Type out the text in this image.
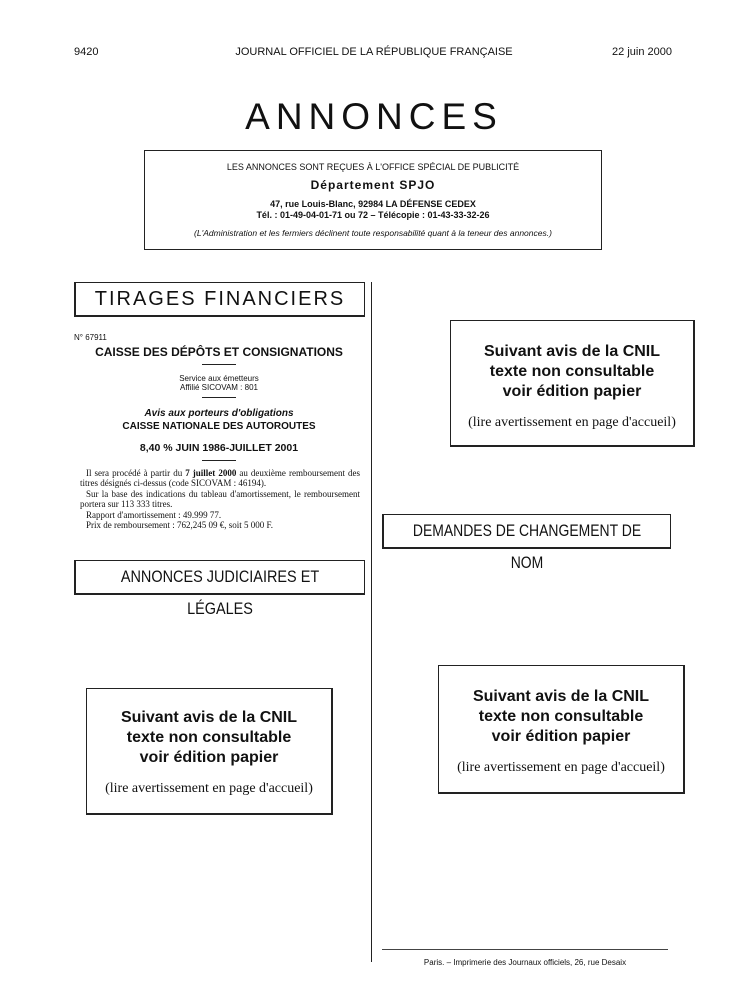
9420	JOURNAL OFFICIEL DE LA RÉPUBLIQUE FRANÇAISE	22 juin 2000
ANNONCES
LES ANNONCES SONT REÇUES À L'OFFICE SPÉCIAL DE PUBLICITÉ
Département SPJO
47, rue Louis-Blanc, 92984 LA DÉFENSE CEDEX
Tél. : 01-49-04-01-71 ou 72 – Télécopie : 01-43-33-32-26
(L'Administration et les fermiers déclinent toute responsabilité quant à la teneur des annonces.)
TIRAGES FINANCIERS
N° 67911
CAISSE DES DÉPÔTS ET CONSIGNATIONS
Service aux émetteurs
Affilié SICOVAM : 801
Avis aux porteurs d'obligations
CAISSE NATIONALE DES AUTOROUTES
8,40 % JUIN 1986-JUILLET 2001
Il sera procédé à partir du 7 juillet 2000 au deuxième remboursement des titres désignés ci-dessus (code SICOVAM : 46194).
Sur la base des indications du tableau d'amortissement, le remboursement portera sur 113 333 titres.
Rapport d'amortissement : 49.999 77.
Prix de remboursement : 762,245 09 €, soit 5 000 F.
ANNONCES JUDICIAIRES ET LÉGALES
Suivant avis de la CNIL
texte non consultable
voir édition papier
(lire avertissement en page d'accueil)
Suivant avis de la CNIL
texte non consultable
voir édition papier
(lire avertissement en page d'accueil)
DEMANDES DE CHANGEMENT DE NOM
Suivant avis de la CNIL
texte non consultable
voir édition papier
(lire avertissement en page d'accueil)
Paris. – Imprimerie des Journaux officiels, 26, rue Desaix
